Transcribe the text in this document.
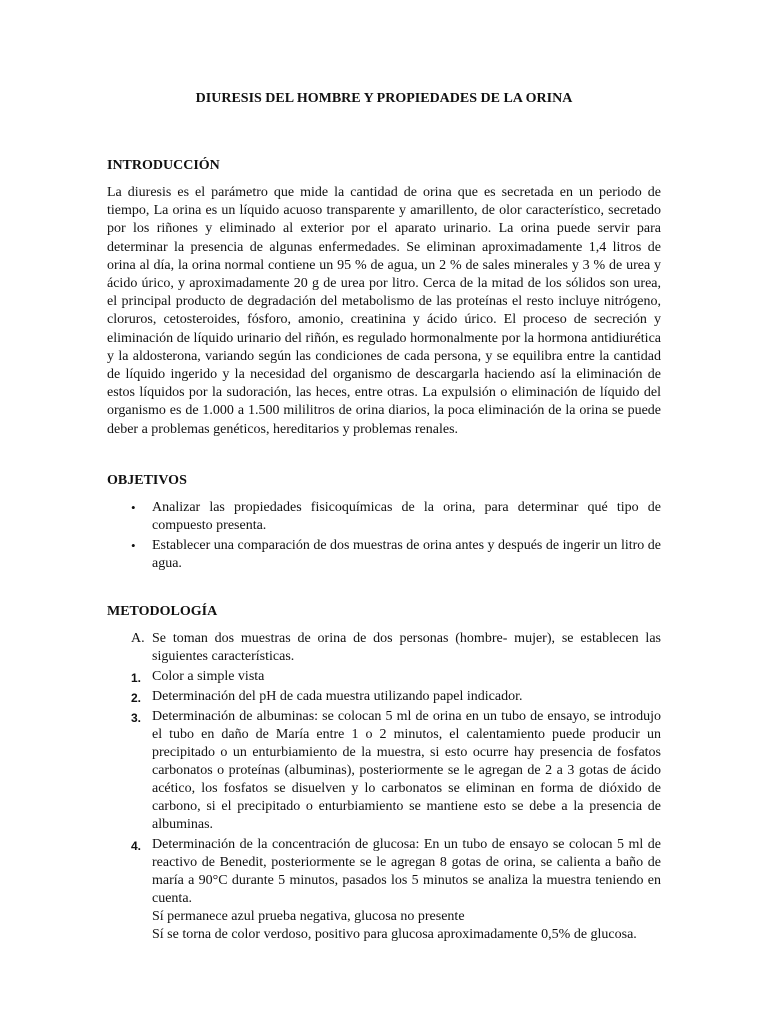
DIURESIS DEL HOMBRE Y PROPIEDADES DE LA ORINA
INTRODUCCIÓN

La diuresis es el parámetro que mide la cantidad de orina que es secretada en un periodo de tiempo, La orina es un líquido acuoso transparente y amarillento, de olor característico, secretado por los riñones y eliminado al exterior por el aparato urinario. La orina puede servir para determinar la presencia de algunas enfermedades. Se eliminan aproximadamente 1,4 litros de orina al día, la orina normal contiene un 95 % de agua, un 2 % de sales minerales y 3 % de urea y ácido úrico, y aproximadamente 20 g de urea por litro. Cerca de la mitad de los sólidos son urea, el principal producto de degradación del metabolismo de las proteínas el resto incluye nitrógeno, cloruros, cetosteroides, fósforo, amonio, creatinina y ácido úrico. El proceso de secreción y eliminación de líquido urinario del riñón, es regulado hormonalmente por la hormona antidiurética y la aldosterona, variando según las condiciones de cada persona, y se equilibra entre la cantidad de líquido ingerido y la necesidad del organismo de descargarla haciendo así la eliminación de estos líquidos por la sudoración, las heces, entre otras. La expulsión o eliminación de líquido del organismo es de 1.000 a 1.500 mililitros de orina diarios, la poca eliminación de la orina se puede deber a problemas genéticos, hereditarios y problemas renales.

OBJETIVOS
• Analizar las propiedades fisicoquímicas de la orina, para determinar qué tipo de compuesto presenta.
• Establecer una comparación de dos muestras de orina antes y después de ingerir un litro de agua.
METODOLOGÍA
A. Se toman dos muestras de orina de dos personas (hombre- mujer), se establecen las siguientes características.
1. Color a simple vista
2. Determinación del pH de cada muestra utilizando papel indicador.
3. Determinación de albuminas: se colocan 5 ml de orina en un tubo de ensayo, se introdujo el tubo en daño de María entre 1 o 2 minutos, el calentamiento puede producir un precipitado o un enturbiamiento de la muestra, si esto ocurre hay presencia de fosfatos carbonatos o proteínas (albuminas), posteriormente se le agregan de 2 a 3 gotas de ácido acético, los fosfatos se disuelven y lo carbonatos se eliminan en forma de dióxido de carbono, si el precipitado o enturbiamiento se mantiene esto se debe a la presencia de albuminas.
4. Determinación de la concentración de glucosa: En un tubo de ensayo se colocan 5 ml de reactivo de Benedit, posteriormente se le agregan 8 gotas de orina, se calienta a baño de maría a 90°C durante 5 minutos, pasados los 5 minutos se analiza la muestra teniendo en cuenta.
Sí permanece azul prueba negativa, glucosa no presente
Sí se torna de color verdoso, positivo para glucosa aproximadamente 0,5% de glucosa.
